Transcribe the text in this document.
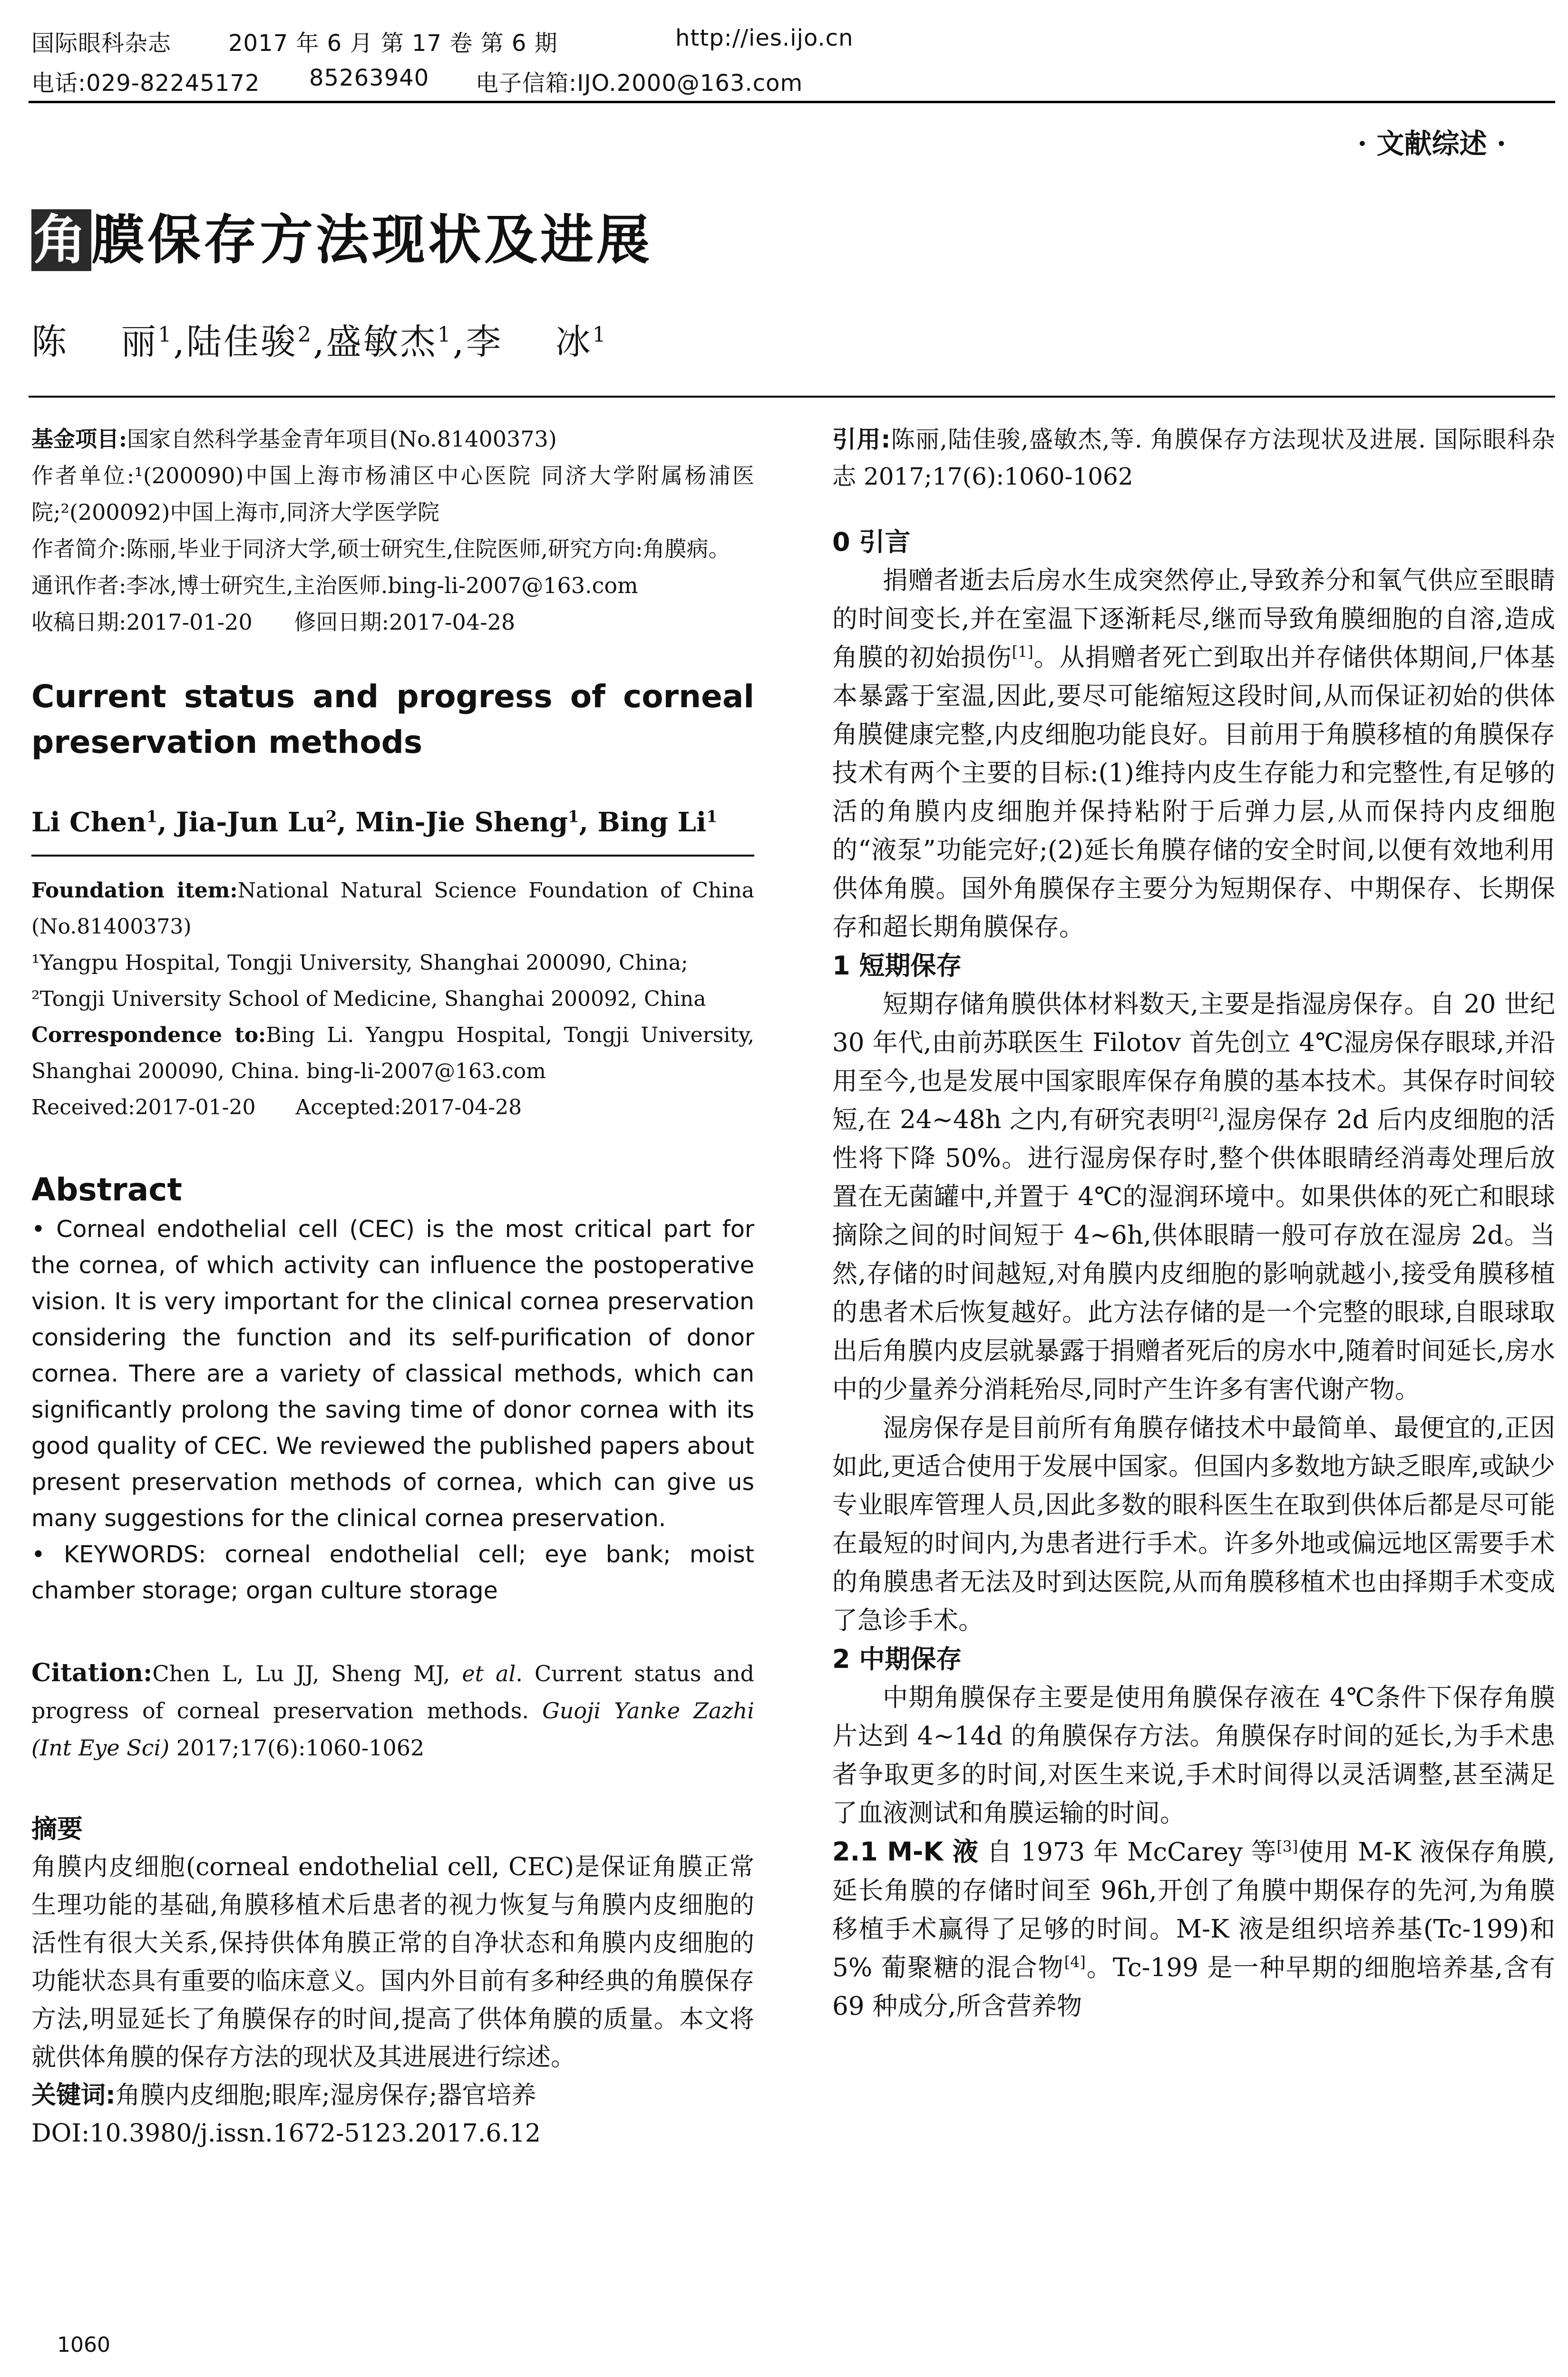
国际眼科杂志 2017 年 6 月 第 17 卷 第 6 期	http://ies.ijo.cn
电话:029-82245172 85263940 电子信箱:IJO.2000@163.com
· 文献综述 ·
角膜保存方法现状及进展
陈    丽$^1$,陆佳骏$^2$,盛敏杰$^1$,李    冰$^1$

基金项目:国家自然科学基金青年项目(No.81400373)

作者单位:¹(200090)中国上海市杨浦区中心医院 同济大学附属杨浦医院;²(200092)中国上海市,同济大学医学院

作者简介:陈丽,毕业于同济大学,硕士研究生,住院医师,研究方向:角膜病。

通讯作者:李冰,博士研究生,主治医师.bing-li-2007@163.com

收稿日期:2017-01-20 修回日期:2017-04-28

Current status and progress of corneal preservation methods
Li Chen$^1$, Jia-Jun Lu$^2$, Min-Jie Sheng$^1$, Bing Li$^1$

Foundation item:National Natural Science Foundation of China (No.81400373)

¹Yangpu Hospital, Tongji University, Shanghai 200090, China;

²Tongji University School of Medicine, Shanghai 200092, China

Correspondence to:Bing Li. Yangpu Hospital, Tongji University, Shanghai 200090, China. bing-li-2007@163.com

Received:2017-01-20 Accepted:2017-04-28

Abstract

• Corneal endothelial cell (CEC) is the most critical part for the cornea, of which activity can influence the postoperative vision. It is very important for the clinical cornea preservation considering the function and its self-purification of donor cornea. There are a variety of classical methods, which can significantly prolong the saving time of donor cornea with its good quality of CEC. We reviewed the published papers about present preservation methods of cornea, which can give us many suggestions for the clinical cornea preservation.

• KEYWORDS: corneal endothelial cell; eye bank; moist chamber storage; organ culture storage

Citation:Chen L, Lu JJ, Sheng MJ, et al. Current status and progress of corneal preservation methods. Guoji Yanke Zazhi (Int Eye Sci) 2017;17(6):1060-1062

摘要

角膜内皮细胞(corneal endothelial cell, CEC)是保证角膜正常生理功能的基础,角膜移植术后患者的视力恢复与角膜内皮细胞的活性有很大关系,保持供体角膜正常的自净状态和角膜内皮细胞的功能状态具有重要的临床意义。国内外目前有多种经典的角膜保存方法,明显延长了角膜保存的时间,提高了供体角膜的质量。本文将就供体角膜的保存方法的现状及其进展进行综述。

关键词:角膜内皮细胞;眼库;湿房保存;器官培养

DOI:10.3980/j.issn.1672-5123.2017.6.12

引用:陈丽,陆佳骏,盛敏杰,等. 角膜保存方法现状及进展. 国际眼科杂志 2017;17(6):1060-1062

0 引言

捐赠者逝去后房水生成突然停止,导致养分和氧气供应至眼睛的时间变长,并在室温下逐渐耗尽,继而导致角膜细胞的自溶,造成角膜的初始损伤[1]。从捐赠者死亡到取出并存储供体期间,尸体基本暴露于室温,因此,要尽可能缩短这段时间,从而保证初始的供体角膜健康完整,内皮细胞功能良好。目前用于角膜移植的角膜保存技术有两个主要的目标:(1)维持内皮生存能力和完整性,有足够的活的角膜内皮细胞并保持粘附于后弹力层,从而保持内皮细胞的“液泵”功能完好;(2)延长角膜存储的安全时间,以便有效地利用供体角膜。国外角膜保存主要分为短期保存、中期保存、长期保存和超长期角膜保存。

1 短期保存

短期存储角膜供体材料数天,主要是指湿房保存。自 20 世纪 30 年代,由前苏联医生 Filotov 首先创立 4℃湿房保存眼球,并沿用至今,也是发展中国家眼库保存角膜的基本技术。其保存时间较短,在 24~48h 之内,有研究表明[2],湿房保存 2d 后内皮细胞的活性将下降 50%。进行湿房保存时,整个供体眼睛经消毒处理后放置在无菌罐中,并置于 4℃的湿润环境中。如果供体的死亡和眼球摘除之间的时间短于 4~6h,供体眼睛一般可存放在湿房 2d。当然,存储的时间越短,对角膜内皮细胞的影响就越小,接受角膜移植的患者术后恢复越好。此方法存储的是一个完整的眼球,自眼球取出后角膜内皮层就暴露于捐赠者死后的房水中,随着时间延长,房水中的少量养分消耗殆尽,同时产生许多有害代谢产物。

湿房保存是目前所有角膜存储技术中最简单、最便宜的,正因如此,更适合使用于发展中国家。但国内多数地方缺乏眼库,或缺少专业眼库管理人员,因此多数的眼科医生在取到供体后都是尽可能在最短的时间内,为患者进行手术。许多外地或偏远地区需要手术的角膜患者无法及时到达医院,从而角膜移植术也由择期手术变成了急诊手术。

2 中期保存

中期角膜保存主要是使用角膜保存液在 4℃条件下保存角膜片达到 4~14d 的角膜保存方法。角膜保存时间的延长,为手术患者争取更多的时间,对医生来说,手术时间得以灵活调整,甚至满足了血液测试和角膜运输的时间。

2.1 M-K 液 自 1973 年 McCarey 等[3]使用 M-K 液保存角膜,延长角膜的存储时间至 96h,开创了角膜中期保存的先河,为角膜移植手术赢得了足够的时间。M-K 液是组织培养基(Tc-199)和 5% 葡聚糖的混合物[4]。Tc-199 是一种早期的细胞培养基,含有 69 种成分,所含营养物

1060
